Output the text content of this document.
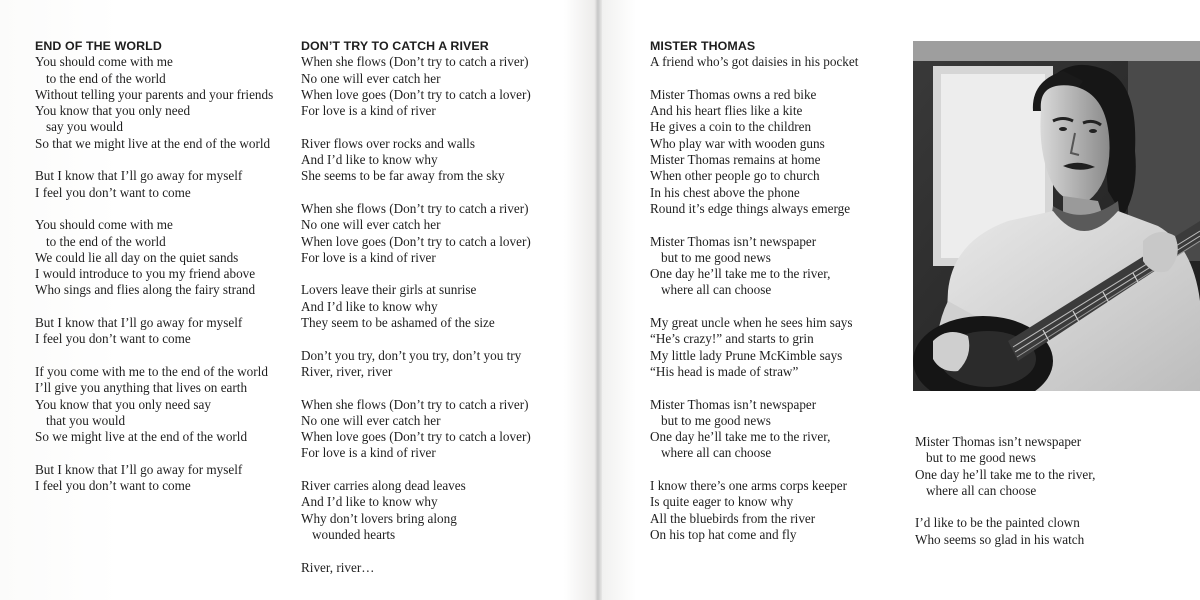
END OF THE WORLD
You should come with me
to the end of the world
Without telling your parents and your friends
You know that you only need
say you would
So that we might live at the end of the world
But I know that I’ll go away for myself
I feel you don’t want to come
You should come with me
to the end of the world
We could lie all day on the quiet sands
I would introduce to you my friend above
Who sings and flies along the fairy strand
But I know that I’ll go away for myself
I feel you don’t want to come
If you come with me to the end of the world
I’ll give you anything that lives on earth
You know that you only need say
that you would
So we might live at the end of the world
But I know that I’ll go away for myself
I feel you don’t want to come
DON’T TRY TO CATCH A RIVER
When she flows (Don’t try to catch a river)
No one will ever catch her
When love goes (Don’t try to catch a lover)
For love is a kind of river
River flows over rocks and walls
And I’d like to know why
She seems to be far away from the sky
When she flows (Don’t try to catch a river)
No one will ever catch her
When love goes (Don’t try to catch a lover)
For love is a kind of river
Lovers leave their girls at sunrise
And I’d like to know why
They seem to be ashamed of the size
Don’t you try, don’t you try, don’t you try
River, river, river
When she flows (Don’t try to catch a river)
No one will ever catch her
When love goes (Don’t try to catch a lover)
For love is a kind of river
River carries along dead leaves
And I’d like to know why
Why don’t lovers bring along
wounded hearts
River, river…
MISTER THOMAS
A friend who’s got daisies in his pocket
Mister Thomas owns a red bike
And his heart flies like a kite
He gives a coin to the children
Who play war with wooden guns
Mister Thomas remains at home
When other people go to church
In his chest above the phone
Round it’s edge things always emerge
Mister Thomas isn’t newspaper
but to me good news
One day he’ll take me to the river,
where all can choose
My great uncle when he sees him says
“He’s crazy!” and starts to grin
My little lady Prune McKimble says
“His head is made of straw”
Mister Thomas isn’t newspaper
but to me good news
One day he’ll take me to the river,
where all can choose
I know there’s one arms corps keeper
Is quite eager to know why
All the bluebirds from the river
On his top hat come and fly
Mister Thomas isn’t newspaper
but to me good news
One day he’ll take me to the river,
where all can choose
I’d like to be the painted clown
Who seems so glad in his watch
